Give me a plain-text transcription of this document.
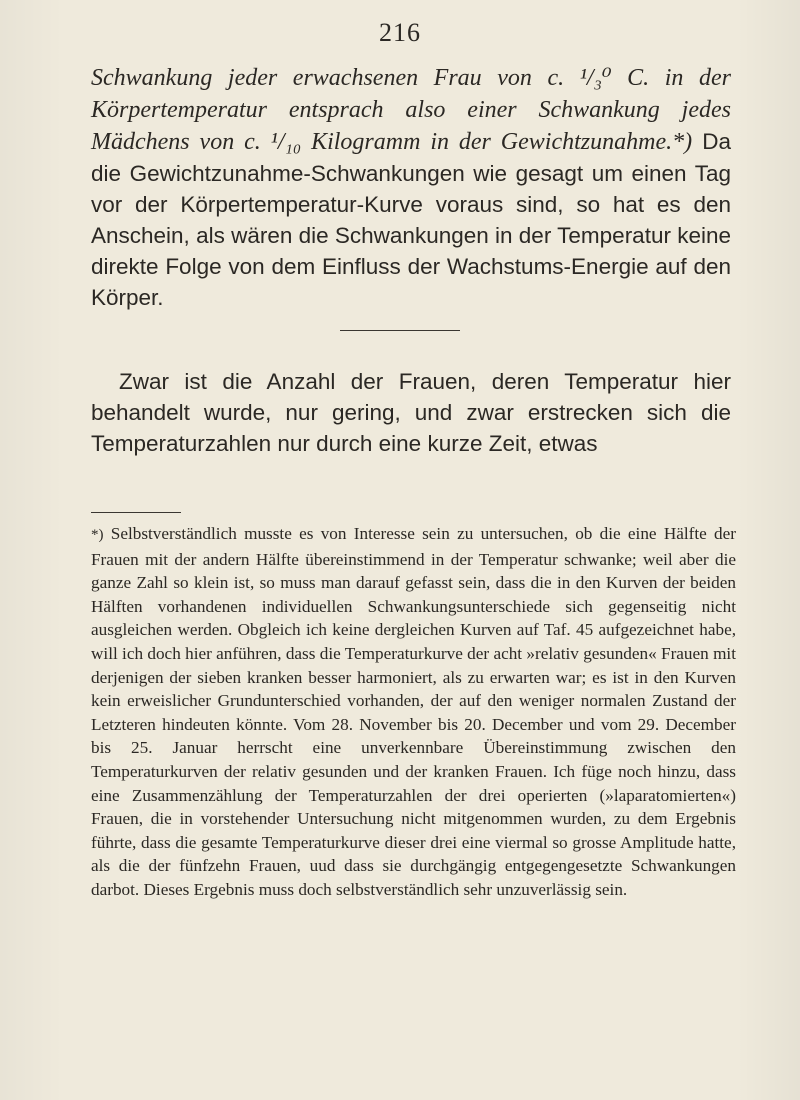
216

Schwankung jeder erwachsenen Frau von c. ¹/₃⁰ C. in der Körpertemperatur entsprach also einer Schwankung jedes Mädchens von c. ¹/₁₀ Kilogramm in der Gewichtzunahme.*) Da die Gewichtzunahme-Schwankungen wie gesagt um einen Tag vor der Körpertemperatur-Kurve voraus sind, so hat es den Anschein, als wären die Schwankungen in der Temperatur keine direkte Folge von dem Einfluss der Wachstums-Energie auf den Körper.

Zwar ist die Anzahl der Frauen, deren Temperatur hier behandelt wurde, nur gering, und zwar erstrecken sich die Temperaturzahlen nur durch eine kurze Zeit, etwas

*) Selbstverständlich musste es von Interesse sein zu untersuchen, ob die eine Hälfte der Frauen mit der andern Hälfte übereinstimmend in der Temperatur schwanke; weil aber die ganze Zahl so klein ist, so muss man darauf gefasst sein, dass die in den Kurven der beiden Hälften vorhandenen individuellen Schwankungsunterschiede sich gegenseitig nicht ausgleichen werden. Obgleich ich keine dergleichen Kurven auf Taf. 45 aufgezeichnet habe, will ich doch hier anführen, dass die Temperaturkurve der acht »relativ gesunden« Frauen mit derjenigen der sieben kranken besser harmoniert, als zu erwarten war; es ist in den Kurven kein erweislicher Grundunterschied vorhanden, der auf den weniger normalen Zustand der Letzteren hindeuten könnte. Vom 28. November bis 20. December und vom 29. December bis 25. Januar herrscht eine unverkennbare Übereinstimmung zwischen den Temperaturkurven der relativ gesunden und der kranken Frauen. Ich füge noch hinzu, dass eine Zusammenzählung der Temperaturzahlen der drei operierten (»laparatomierten«) Frauen, die in vorstehender Untersuchung nicht mitgenommen wurden, zu dem Ergebnis führte, dass die gesamte Temperaturkurve dieser drei eine viermal so grosse Amplitude hatte, als die der fünfzehn Frauen, uud dass sie durchgängig entgegengesetzte Schwankungen darbot. Dieses Ergebnis muss doch selbstverständlich sehr unzuverlässig sein.
